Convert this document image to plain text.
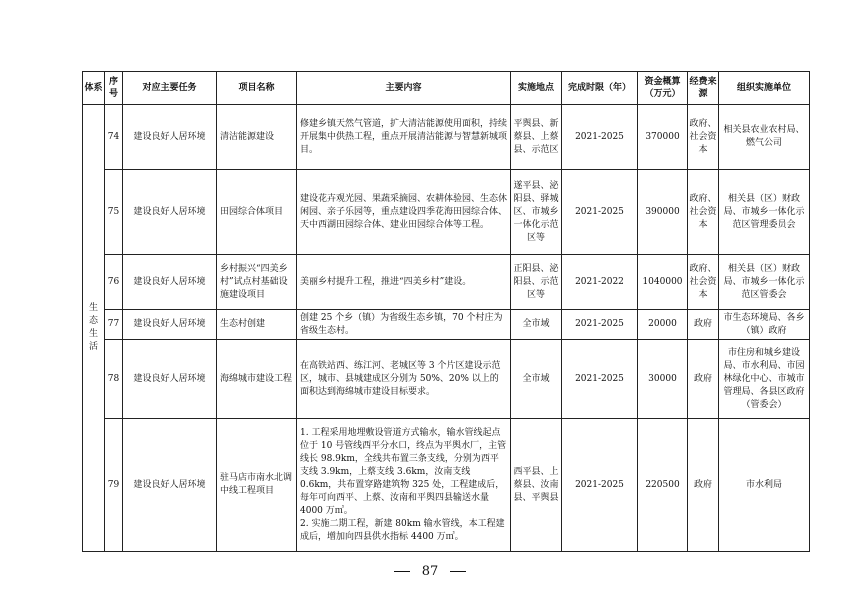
体系	序号	对应主要任务	项目名称	主要内容	实施地点	完成时限（年）	资金概算（万元）	经费来源	组织实施单位

生
态
生
活	74	建设良好人居环境	清洁能源建设	修建乡镇天然气管道，扩大清洁能源使用面积，持续开展集中供热工程，重点开展清洁能源与智慧新城项目。	平舆县、新蔡县、上蔡县、示范区	2021-2025	370000	政府、社会资本	相关县农业农村局、燃气公司
	75	建设良好人居环境	田园综合体项目	建设花卉观光园、果蔬采摘园、农耕体验园、生态休闲园、亲子乐园等，重点建设四季花海田园综合体、天中西湖田园综合体、建业田园综合体等工程。	遂平县、泌阳县、驿城区、市城乡一体化示范区等	2021-2025	390000	政府、社会资本	相关县（区）财政局、市城乡一体化示范区管理委员会
	76	建设良好人居环境	乡村振兴“四美乡村”试点村基础设施建设项目	美丽乡村提升工程，推进“四美乡村”建设。	正阳县、泌阳县、示范区等	2021-2022	1040000	政府、社会资本	相关县（区）财政局、市城乡一体化示范区管委会
	77	建设良好人居环境	生态村创建	创建 25 个乡（镇）为省级生态乡镇，70 个村庄为省级生态村。	全市域	2021-2025	20000	政府	市生态环境局、各乡（镇）政府
	78	建设良好人居环境	海绵城市建设工程	在高铁站西、练江河、老城区等 3 个片区建设示范区，城市、县城建成区分别为 50%、20% 以上的面积达到海绵城市建设目标要求。	全市域	2021-2025	30000	政府	市住房和城乡建设局、市水利局、市园林绿化中心、市城市管理局、各县区政府（管委会）
	79	建设良好人居环境	驻马店市南水北调中线工程项目	1. 工程采用地埋敷设管道方式输水，输水管线起点位于 10 号管线西平分水口，终点为平舆水厂，主管线长 98.9km，全线共布置三条支线，分别为西平支线 3.9km，上蔡支线 3.6km，汝南支线 0.6km，共布置穿路建筑物 325 处，工程建成后，每年可向西平、上蔡、汝南和平舆四县输送水量 4000 万㎥。
2. 实施二期工程，新建 80km 输水管线，本工程建成后，增加向四县供水指标 4400 万㎥。	西平县、上蔡县、汝南县、平舆县	2021-2025	220500	政府	市水利局
87
